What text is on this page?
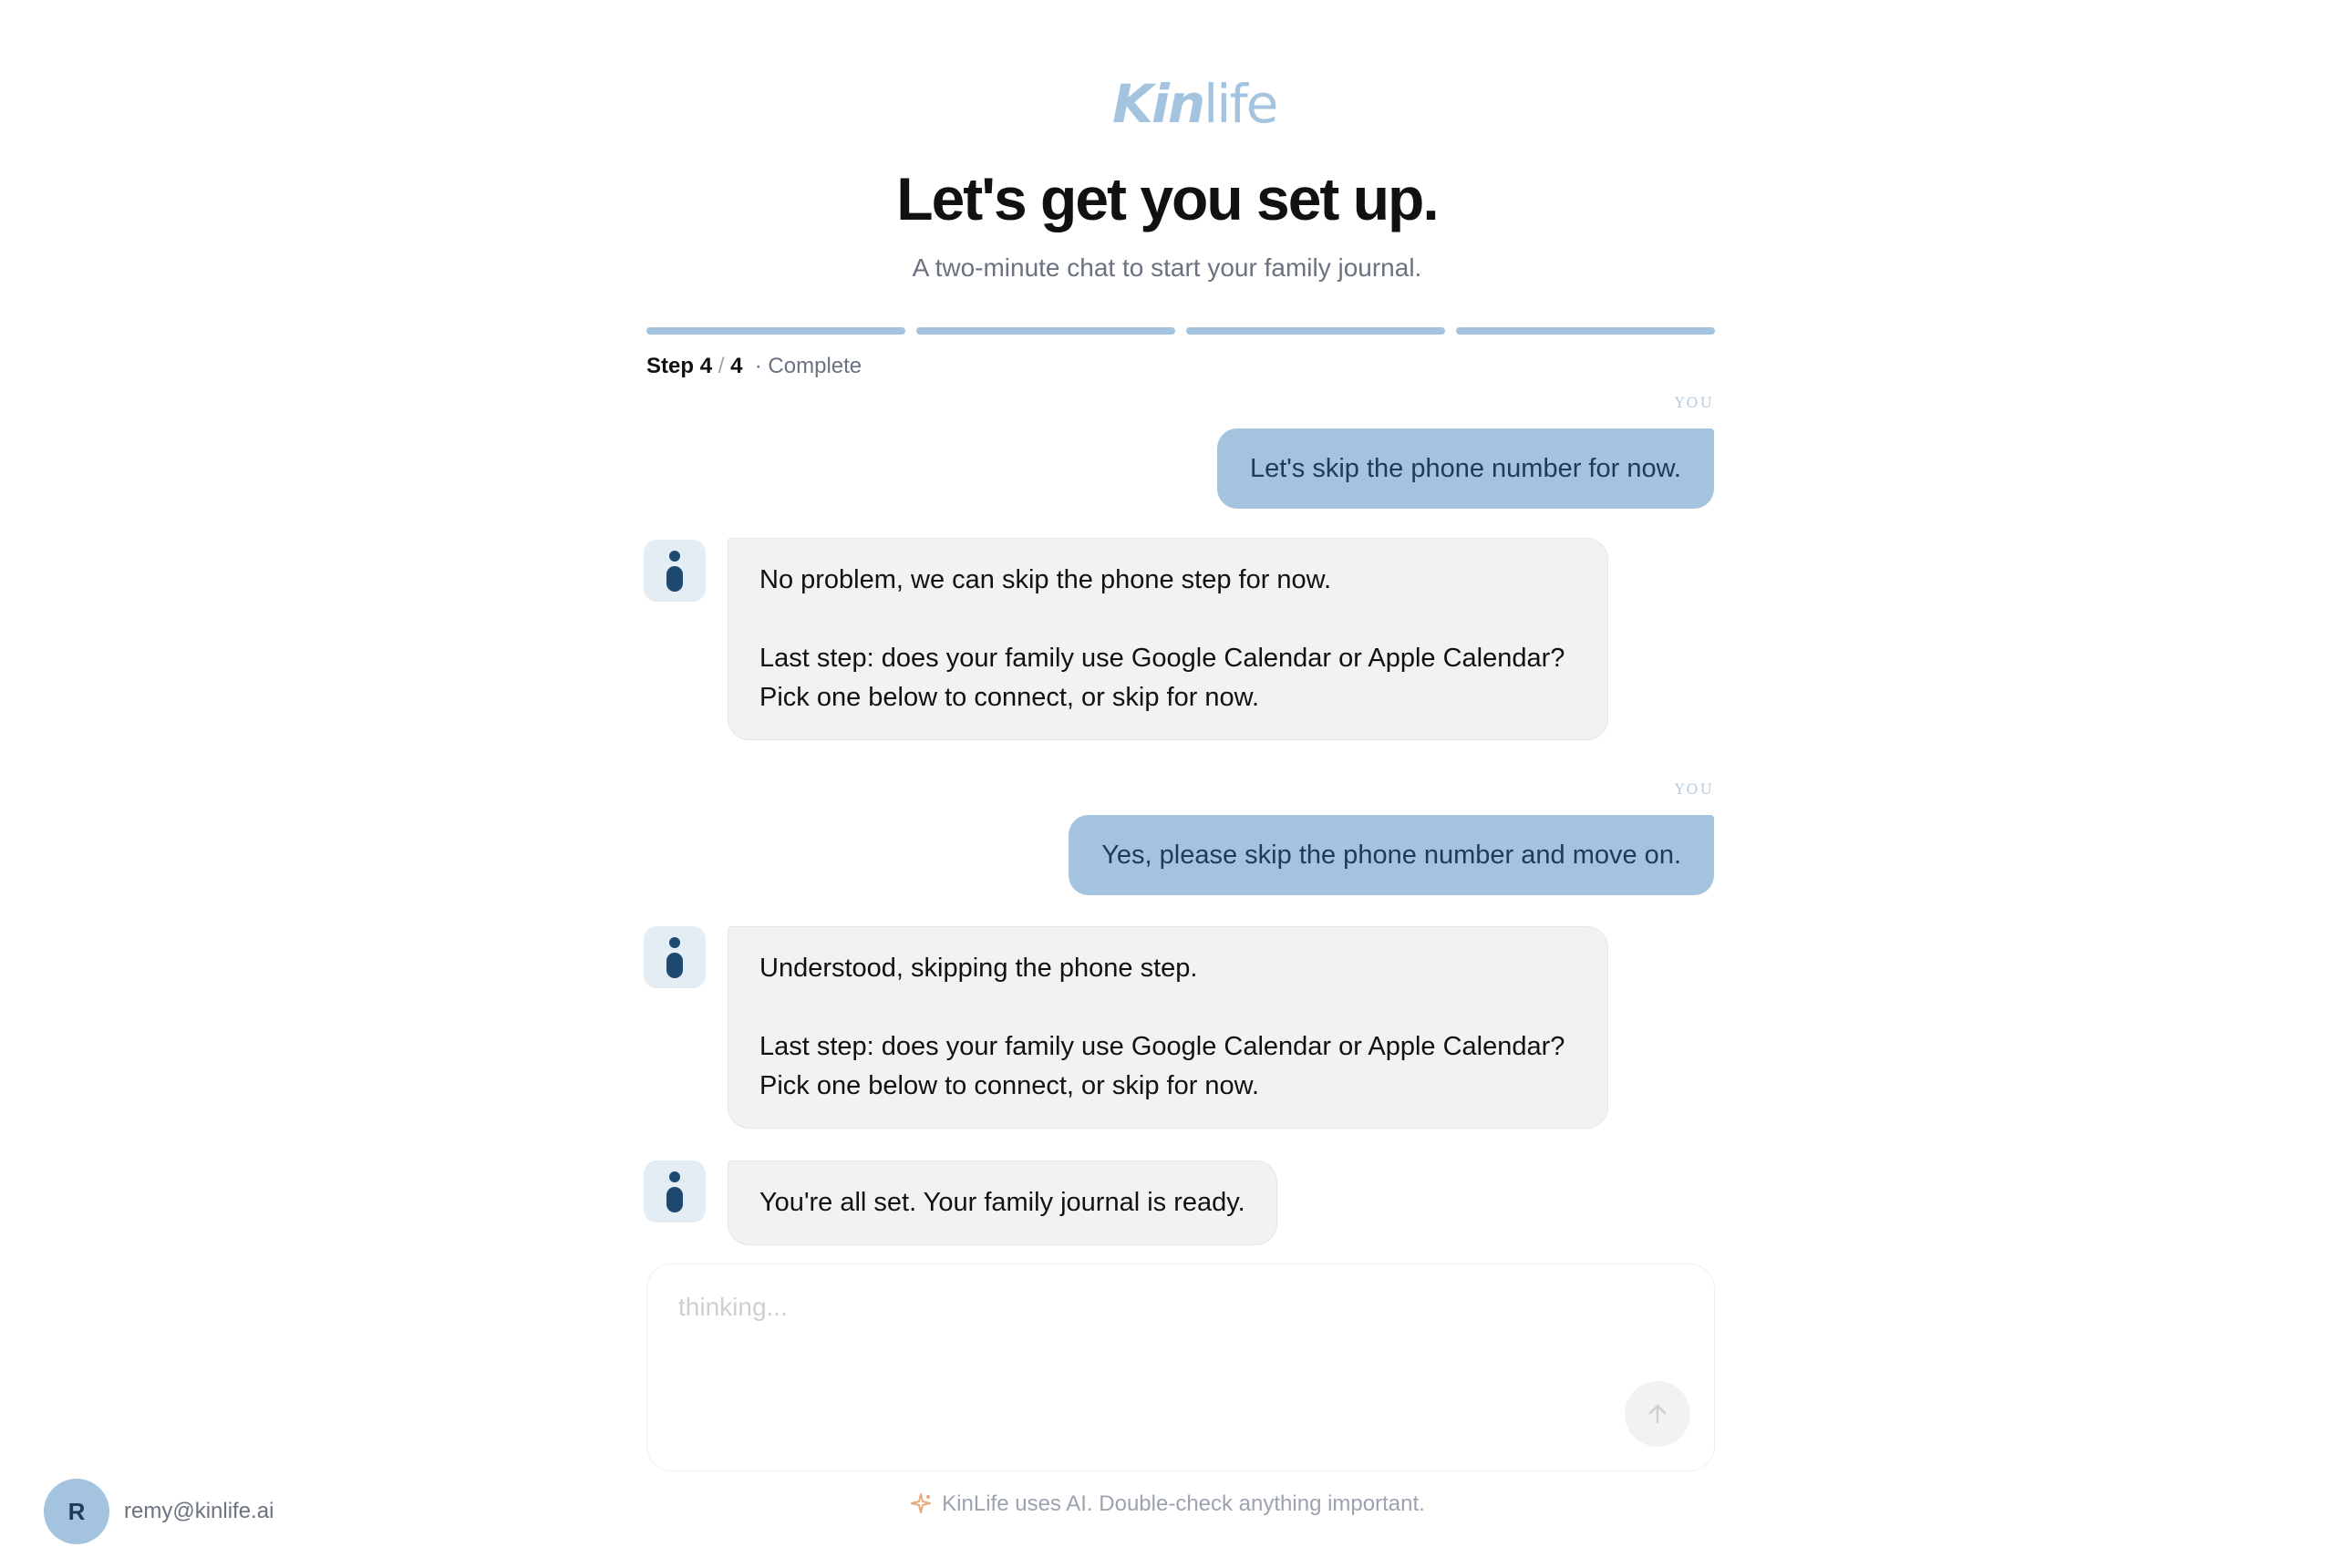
Kinlife
Let's get you set up.
A two-minute chat to start your family journal.
Step 4 / 4 · Complete
YOU
Let's skip the phone number for now.

No problem, we can skip the phone step for now.

Last step: does your family use Google Calendar or Apple Calendar? Pick one below to connect, or skip for now.

YOU
Yes, please skip the phone number and move on.

Understood, skipping the phone step.

Last step: does your family use Google Calendar or Apple Calendar? Pick one below to connect, or skip for now.

You're all set. Your family journal is ready.

thinking...
KinLife uses AI. Double-check anything important.
R	remy@kinlife.ai
